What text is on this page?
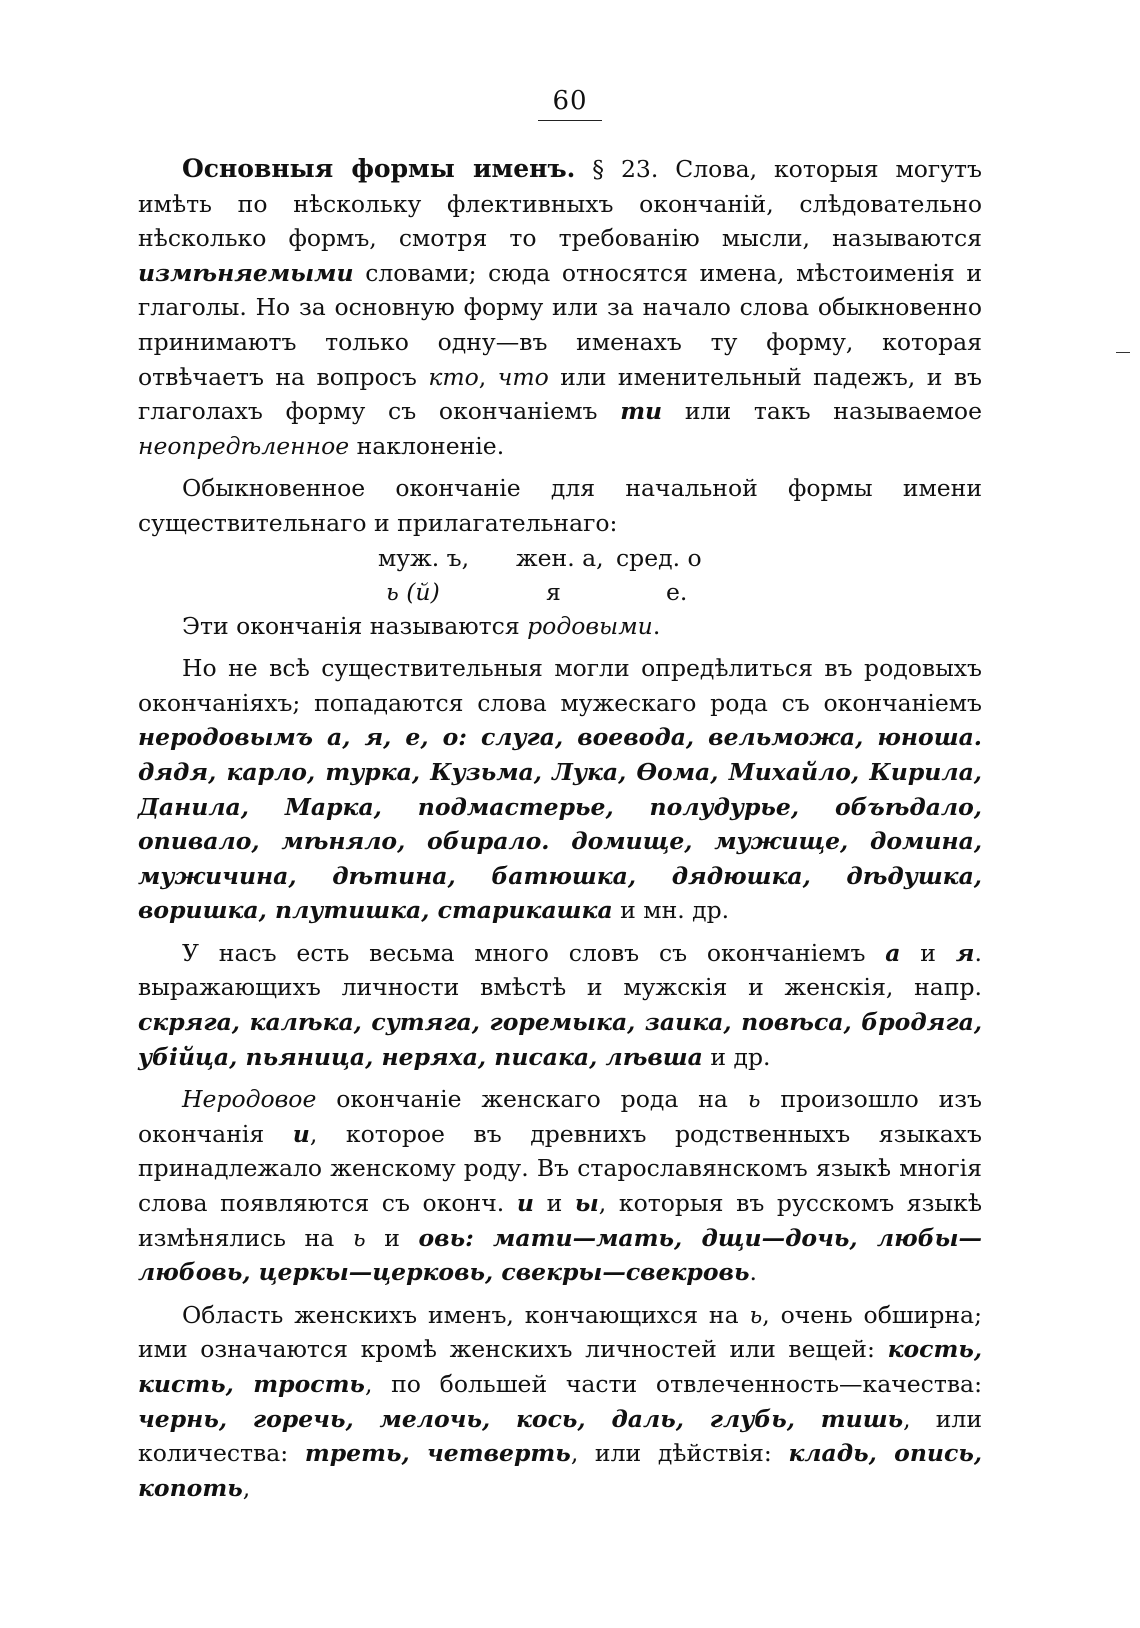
60

Основныя формы именъ. § 23. Слова, которыя могутъ имѣть по нѣскольку флективныхъ окончаній, слѣдовательно нѣсколько формъ, смотря то требованію мысли, называются измѣняемыми словами; сюда относятся имена, мѣстоименія и глаголы. Но за основную форму или за начало слова обыкновенно принимаютъ только одну—въ именахъ ту форму, которая отвѣчаетъ на вопросъ кто, что или именительный падежъ, и въ глаголахъ форму съ окончаніемъ ти или такъ называемое неопредѣленное наклоненіе.

Обыкновенное окончаніе для начальной формы имени существительнаго и прилагательнаго:

муж. ъ,	жен. а, сред. о
ь (й)	я	е.

Эти окончанія называются родовыми.

Но не всѣ существительныя могли опредѣлиться въ родовыхъ окончаніяхъ; попадаются слова мужескаго рода съ окончаніемъ неродовымъ а, я, е, о: слуга, воевода, вельможа, юноша. дядя, карло, турка, Кузьма, Лука, Ѳома, Михайло, Кирила, Данила, Марка, подмастерье, полудурье, объѣдало, опивало, мѣняло, обирало. домище, мужище, домина, мужичина, дѣтина, батюшка, дядюшка, дѣдушка, воришка, плутишка, старикашка и мн. др.

У насъ есть весьма много словъ съ окончаніемъ а и я. выражающихъ личности вмѣстѣ и мужскія и женскія, напр. скряга, калѣка, сутяга, горемыка, заика, повѣса, бродяга, убійца, пьяница, неряха, писака, лѣвша и др.

Неродовое окончаніе женскаго рода на ь произошло изъ окончанія и, которое въ древнихъ родственныхъ языкахъ принадлежало женскому роду. Въ старославянскомъ языкѣ многія слова появляются съ оконч. и и ы, которыя въ русскомъ языкѣ измѣнялись на ь и овь: мати—мать, дщи—дочь, любы—любовь, церкы—церковь, свекры—свекровь.

Область женскихъ именъ, кончающихся на ь, очень обширна; ими означаются кромѣ женскихъ личностей или вещей: кость, кисть, трость, по большей части отвлеченность—качества: чернь, горечь, мелочь, кось, даль, глубь, тишь, или количества: треть, четверть, или дѣйствія: кладь, опись, копоть,
